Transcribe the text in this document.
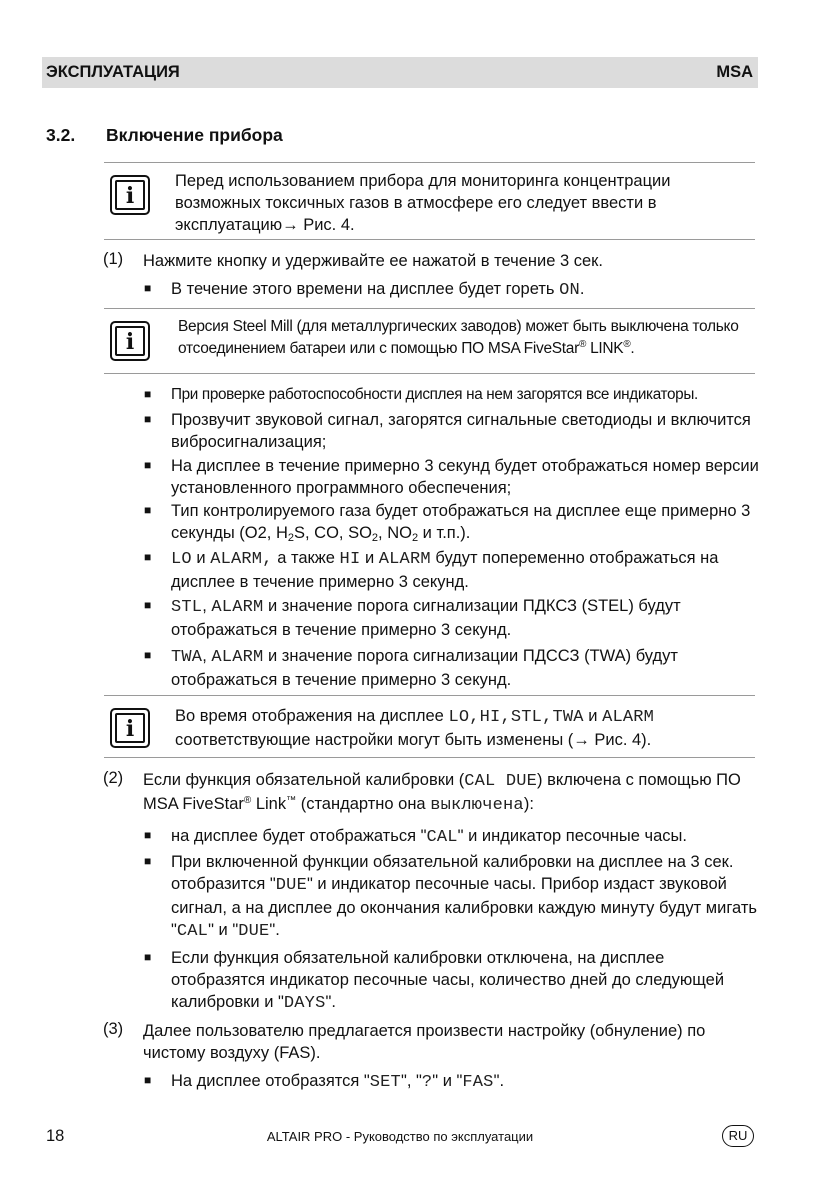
ЭКСПЛУАТАЦИЯ	MSA
3.2. Включение прибора
i
Перед использованием прибора для мониторинга концентрации возможных токсичных газов в атмосфере его следует ввести в эксплуатацию→ Рис. 4.
(1) Нажмите кнопку и удерживайте ее нажатой в течение 3 сек.
■ В течение этого времени на дисплее будет гореть ON.
i
Версия Steel Mill (для металлургических заводов) может быть выключена только отсоединением батареи или с помощью ПО MSA FiveStar® LINK®.
■ При проверке работоспособности дисплея на нем загорятся все индикаторы.
■ Прозвучит звуковой сигнал, загорятся сигнальные светодиоды и включится вибросигнализация;
■ На дисплее в течение примерно 3 секунд будет отображаться номер версии установленного программного обеспечения;
■ Тип контролируемого газа будет отображаться на дисплее еще примерно 3 секунды (O2, $H_2S$, CO, $SO_2$, $NO_2$ и т.п.).
■ LO и ALARM, а также HI и ALARM будут попеременно отображаться на дисплее в течение примерно 3 секунд.
■ STL, ALARM и значение порога сигнализации ПДКСЗ (STEL) будут отображаться в течение примерно 3 секунд.
■ TWA, ALARM и значение порога сигнализации ПДССЗ (TWA) будут отображаться в течение примерно 3 секунд.
i	Во время отображения на дисплее LO,HI,STL,TWA и ALARM соответствующие настройки могут быть изменены (→ Рис. 4).
(2) Если функция обязательной калибровки (CAL DUE) включена с помощью ПО MSA FiveStar® Link™ (стандартно она выключена):
■ на дисплее будет отображаться "CAL" и индикатор песочные часы.
■ При включенной функции обязательной калибровки на дисплее на 3 сек. отобразится "DUE" и индикатор песочные часы. Прибор издаст звуковой сигнал, а на дисплее до окончания калибровки каждую минуту будут мигать "CAL" и "DUE".
■ Если функция обязательной калибровки отключена, на дисплее отобразятся индикатор песочные часы, количество дней до следующей калибровки и "DAYS".
(3) Далее пользователю предлагается произвести настройку (обнуление) по чистому воздуху (FAS).
■ На дисплее отобразятся "SET", "?" и "FAS".
18	ALTAIR PRO - Руководство по эксплуатации	RU
